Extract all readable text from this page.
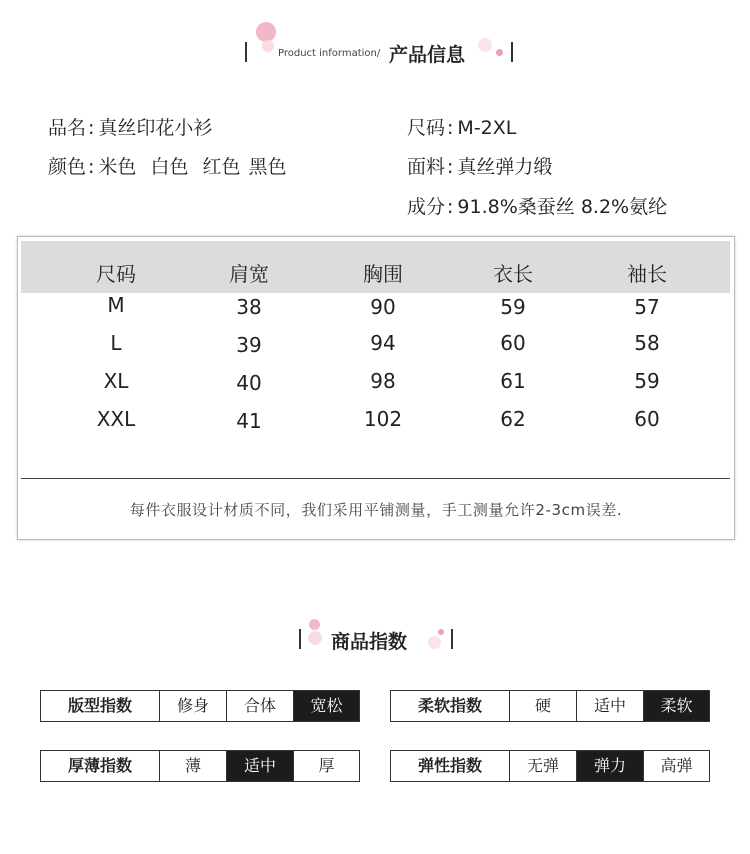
Product information/ 产品信息
品名 : 真丝印花小衫
颜色 : 米色 白色 红色 黑色
尺码 : M-2XL
面料 : 真丝弹力缎
成分 : 91.8%桑蚕丝 8.2%氨纶
尺码	肩宽	胸围	衣长	袖长
M	38	90	59	57
L	39	94	60	58
XL	40	98	61	59
XXL	41	102	62	60
每件衣服设计材质不同，我们采用平铺测量，手工测量允许2-3cm误差.
商品指数
版型指数	修身	合体	宽松	柔软指数	硬	适中	柔软
厚薄指数	薄	适中	厚	弹性指数	无弹	弹力	高弹
